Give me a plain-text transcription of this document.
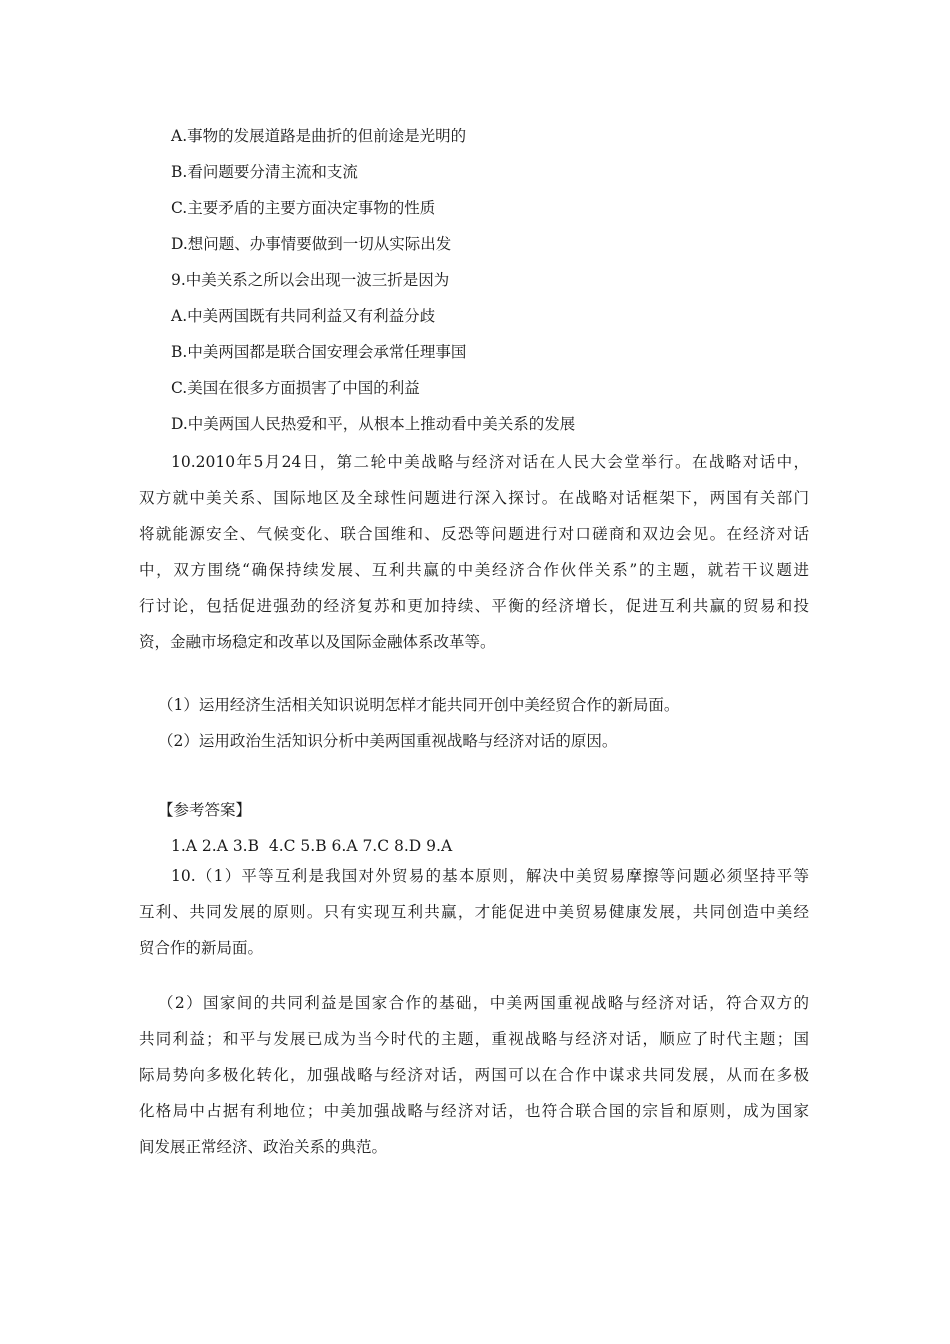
A.事物的发展道路是曲折的但前途是光明的
B.看问题要分清主流和支流
C.主要矛盾的主要方面决定事物的性质
D.想问题、办事情要做到一切从实际出发
9.中美关系之所以会出现一波三折是因为
A.中美两国既有共同利益又有利益分歧
B.中美两国都是联合国安理会承常任理事国
C.美国在很多方面损害了中国的利益
D.中美两国人民热爱和平，从根本上推动看中美关系的发展
10.2010年5月24日，第二轮中美战略与经济对话在人民大会堂举行。在战略对话中，
双方就中美关系、国际地区及全球性问题进行深入探讨。在战略对话框架下，两国有关部门
将就能源安全、气候变化、联合国维和、反恐等问题进行对口磋商和双边会见。在经济对话
中，双方围绕“确保持续发展、互利共赢的中美经济合作伙伴关系”的主题，就若干议题进
行讨论，包括促进强劲的经济复苏和更加持续、平衡的经济增长，促进互利共赢的贸易和投
资，金融市场稳定和改革以及国际金融体系改革等。
（1）运用经济生活相关知识说明怎样才能共同开创中美经贸合作的新局面。
（2）运用政治生活知识分析中美两国重视战略与经济对话的原因。
【参考答案】
1.A 2.A 3.B  4.C 5.B 6.A 7.C 8.D 9.A
10.（1）平等互利是我国对外贸易的基本原则，解决中美贸易摩擦等问题必须坚持平等
互利、共同发展的原则。只有实现互利共赢，才能促进中美贸易健康发展，共同创造中美经
贸合作的新局面。
（2）国家间的共同利益是国家合作的基础，中美两国重视战略与经济对话，符合双方的
共同利益；和平与发展已成为当今时代的主题，重视战略与经济对话，顺应了时代主题；国
际局势向多极化转化，加强战略与经济对话，两国可以在合作中谋求共同发展，从而在多极
化格局中占据有利地位；中美加强战略与经济对话，也符合联合国的宗旨和原则，成为国家
间发展正常经济、政治关系的典范。
